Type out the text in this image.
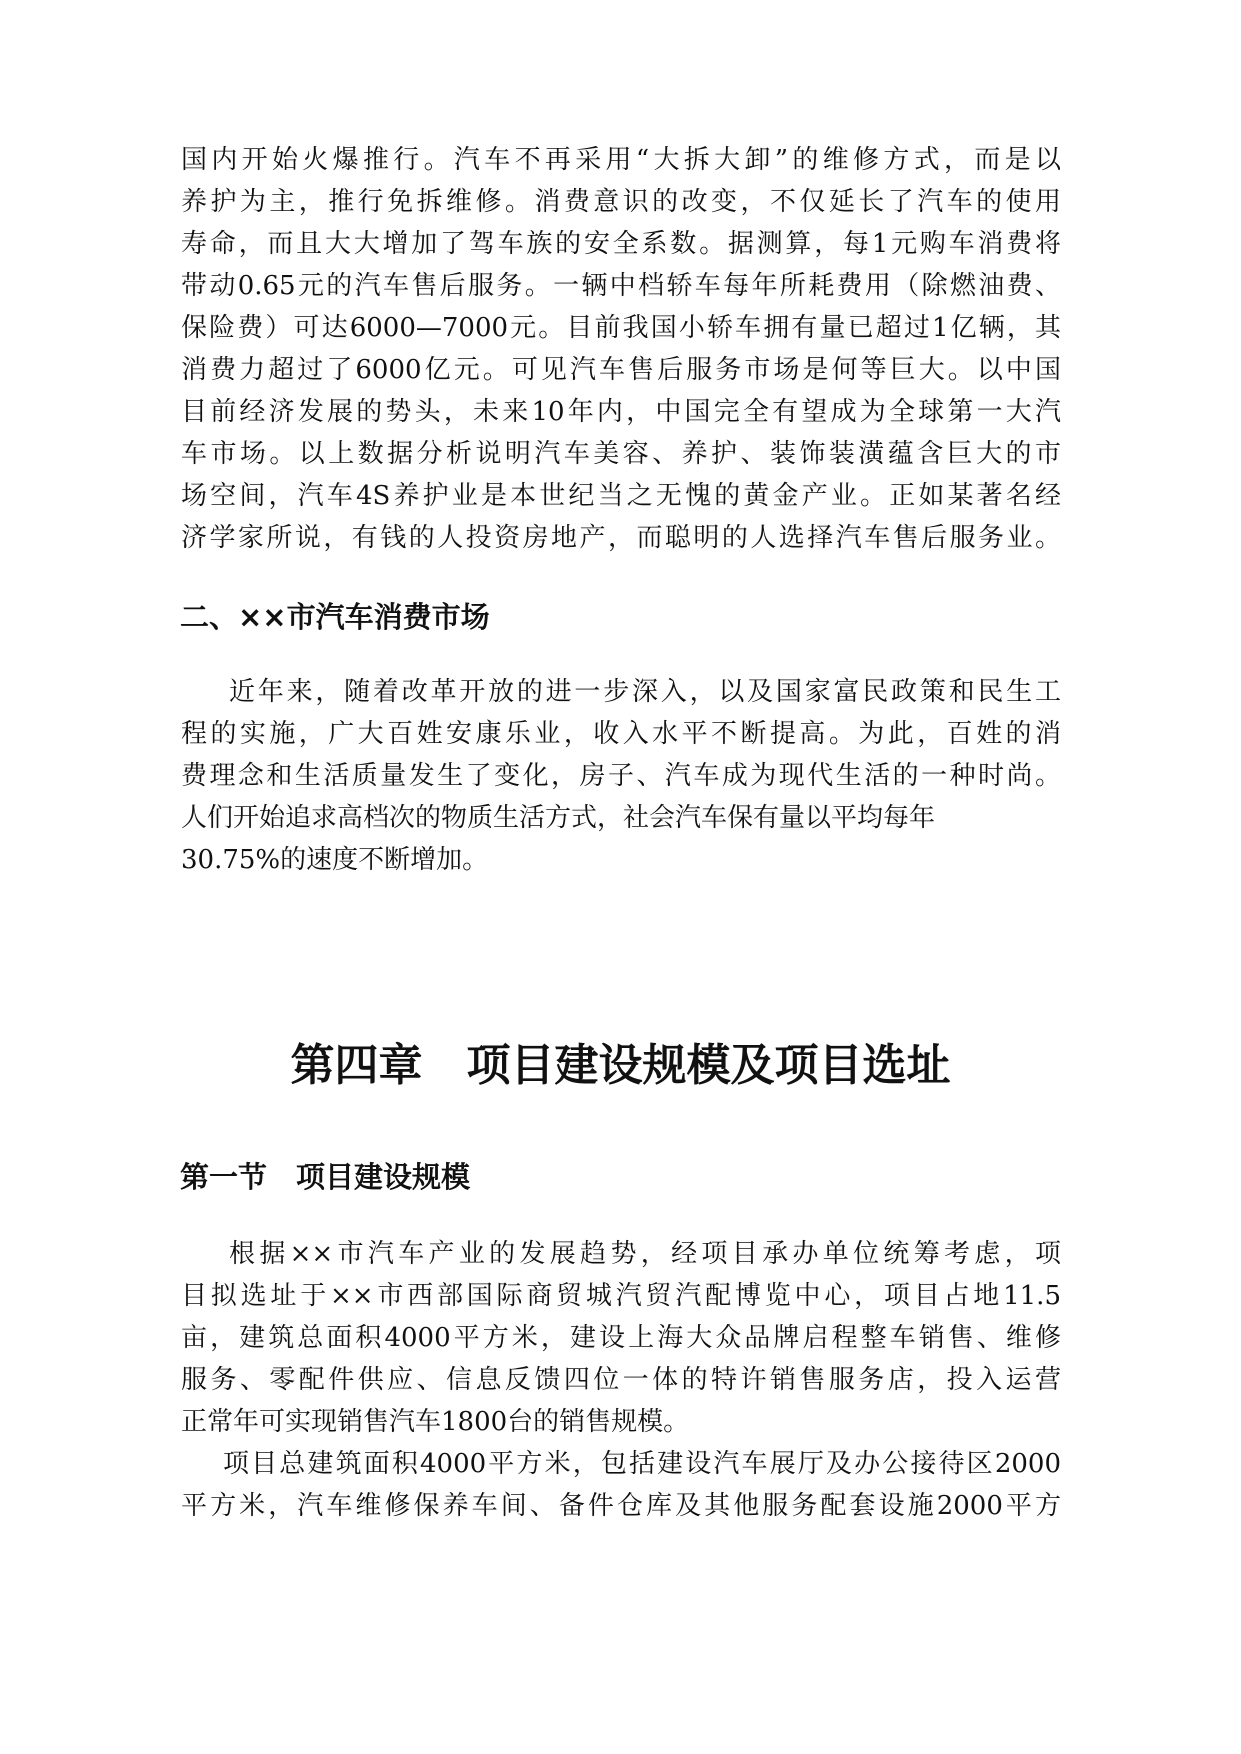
国内开始火爆推行。汽车不再采用“大拆大卸”的维修方式，而是以
养护为主，推行免拆维修。消费意识的改变，不仅延长了汽车的使用
寿命，而且大大增加了驾车族的安全系数。据测算，每1元购车消费将
带动0.65元的汽车售后服务。一辆中档轿车每年所耗费用（除燃油费、
保险费）可达6000—7000元。目前我国小轿车拥有量已超过1亿辆，其
消费力超过了6000亿元。可见汽车售后服务市场是何等巨大。以中国
目前经济发展的势头，未来10年内，中国完全有望成为全球第一大汽
车市场。以上数据分析说明汽车美容、养护、装饰装潢蕴含巨大的市
场空间，汽车4S养护业是本世纪当之无愧的黄金产业。正如某著名经
济学家所说，有钱的人投资房地产，而聪明的人选择汽车售后服务业。
二、××市汽车消费市场
近年来，随着改革开放的进一步深入，以及国家富民政策和民生工
程的实施，广大百姓安康乐业，收入水平不断提高。为此，百姓的消
费理念和生活质量发生了变化，房子、汽车成为现代生活的一种时尚。
人们开始追求高档次的物质生活方式，社会汽车保有量以平均每年
30.75%的速度不断增加。
第四章　项目建设规模及项目选址
第一节　项目建设规模
根据××市汽车产业的发展趋势，经项目承办单位统筹考虑，项
目拟选址于××市西部国际商贸城汽贸汽配博览中心，项目占地11.5
亩，建筑总面积4000平方米，建设上海大众品牌启程整车销售、维修
服务、零配件供应、信息反馈四位一体的特许销售服务店，投入运营
正常年可实现销售汽车1800台的销售规模。
项目总建筑面积4000平方米，包括建设汽车展厅及办公接待区2000
平方米，汽车维修保养车间、备件仓库及其他服务配套设施2000平方
